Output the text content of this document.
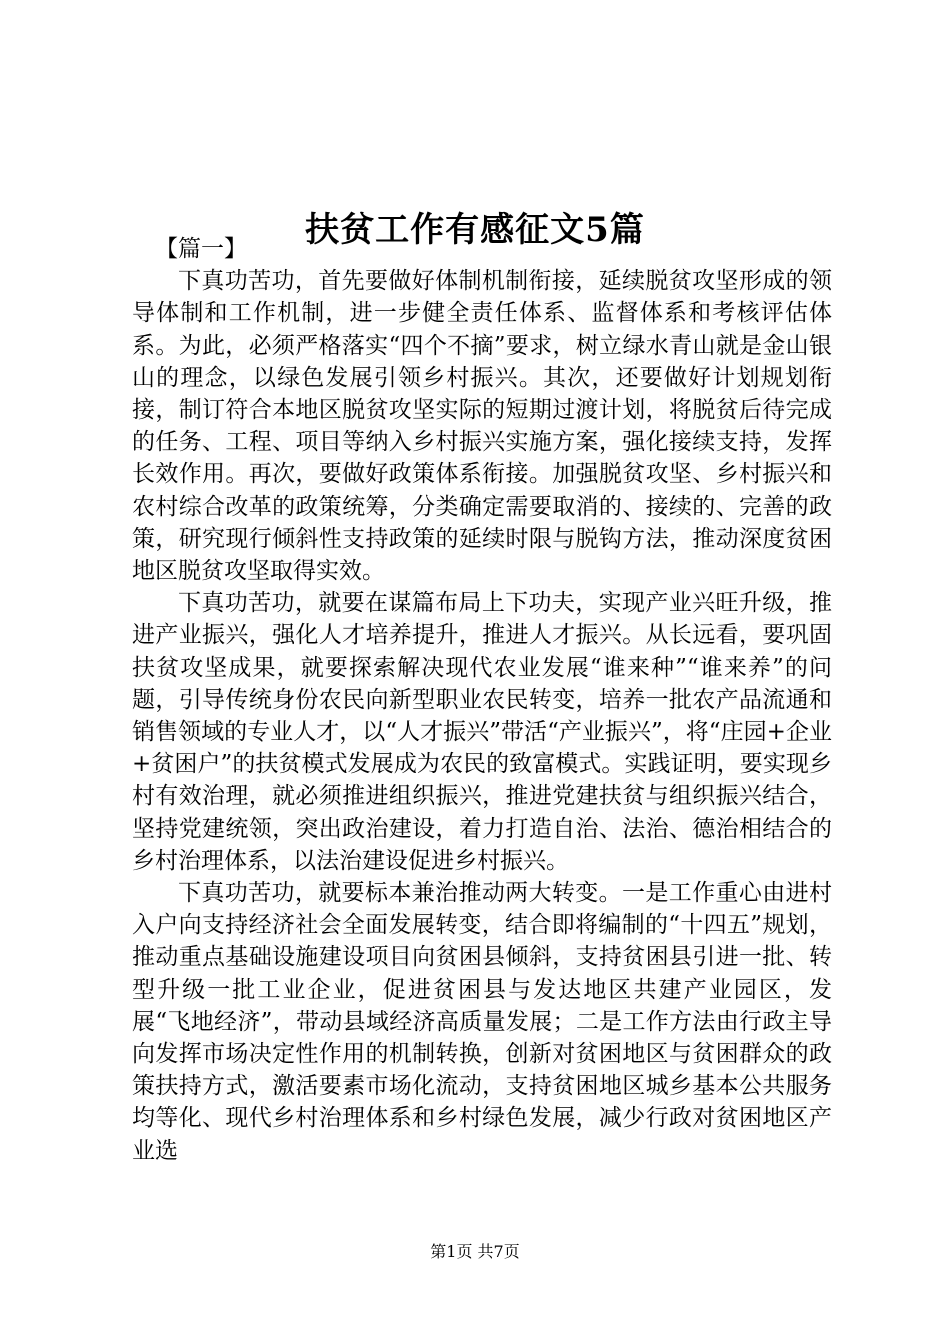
扶贫工作有感征文5篇

【篇一】

下真功苦功，首先要做好体制机制衔接，延续脱贫攻坚形成的领导体制和工作机制，进一步健全责任体系、监督体系和考核评估体系。为此，必须严格落实“四个不摘”要求，树立绿水青山就是金山银山的理念，以绿色发展引领乡村振兴。其次，还要做好计划规划衔接，制订符合本地区脱贫攻坚实际的短期过渡计划，将脱贫后待完成的任务、工程、项目等纳入乡村振兴实施方案，强化接续支持，发挥长效作用。再次，要做好政策体系衔接。加强脱贫攻坚、乡村振兴和农村综合改革的政策统筹，分类确定需要取消的、接续的、完善的政策，研究现行倾斜性支持政策的延续时限与脱钩方法，推动深度贫困地区脱贫攻坚取得实效。

下真功苦功，就要在谋篇布局上下功夫，实现产业兴旺升级，推进产业振兴，强化人才培养提升，推进人才振兴。从长远看，要巩固扶贫攻坚成果，就要探索解决现代农业发展“谁来种”“谁来养”的问题，引导传统身份农民向新型职业农民转变，培养一批农产品流通和销售领域的专业人才，以“人才振兴”带活“产业振兴”，将“庄园+企业+贫困户”的扶贫模式发展成为农民的致富模式。实践证明，要实现乡村有效治理，就必须推进组织振兴，推进党建扶贫与组织振兴结合，坚持党建统领，突出政治建设，着力打造自治、法治、德治相结合的乡村治理体系，以法治建设促进乡村振兴。

下真功苦功，就要标本兼治推动两大转变。一是工作重心由进村入户向支持经济社会全面发展转变，结合即将编制的“十四五”规划，推动重点基础设施建设项目向贫困县倾斜，支持贫困县引进一批、转型升级一批工业企业，促进贫困县与发达地区共建产业园区，发展“飞地经济”，带动县域经济高质量发展；二是工作方法由行政主导向发挥市场决定性作用的机制转换，创新对贫困地区与贫困群众的政策扶持方式，激活要素市场化流动，支持贫困地区城乡基本公共服务均等化、现代乡村治理体系和乡村绿色发展，减少行政对贫困地区产业选

第1页 共7页
